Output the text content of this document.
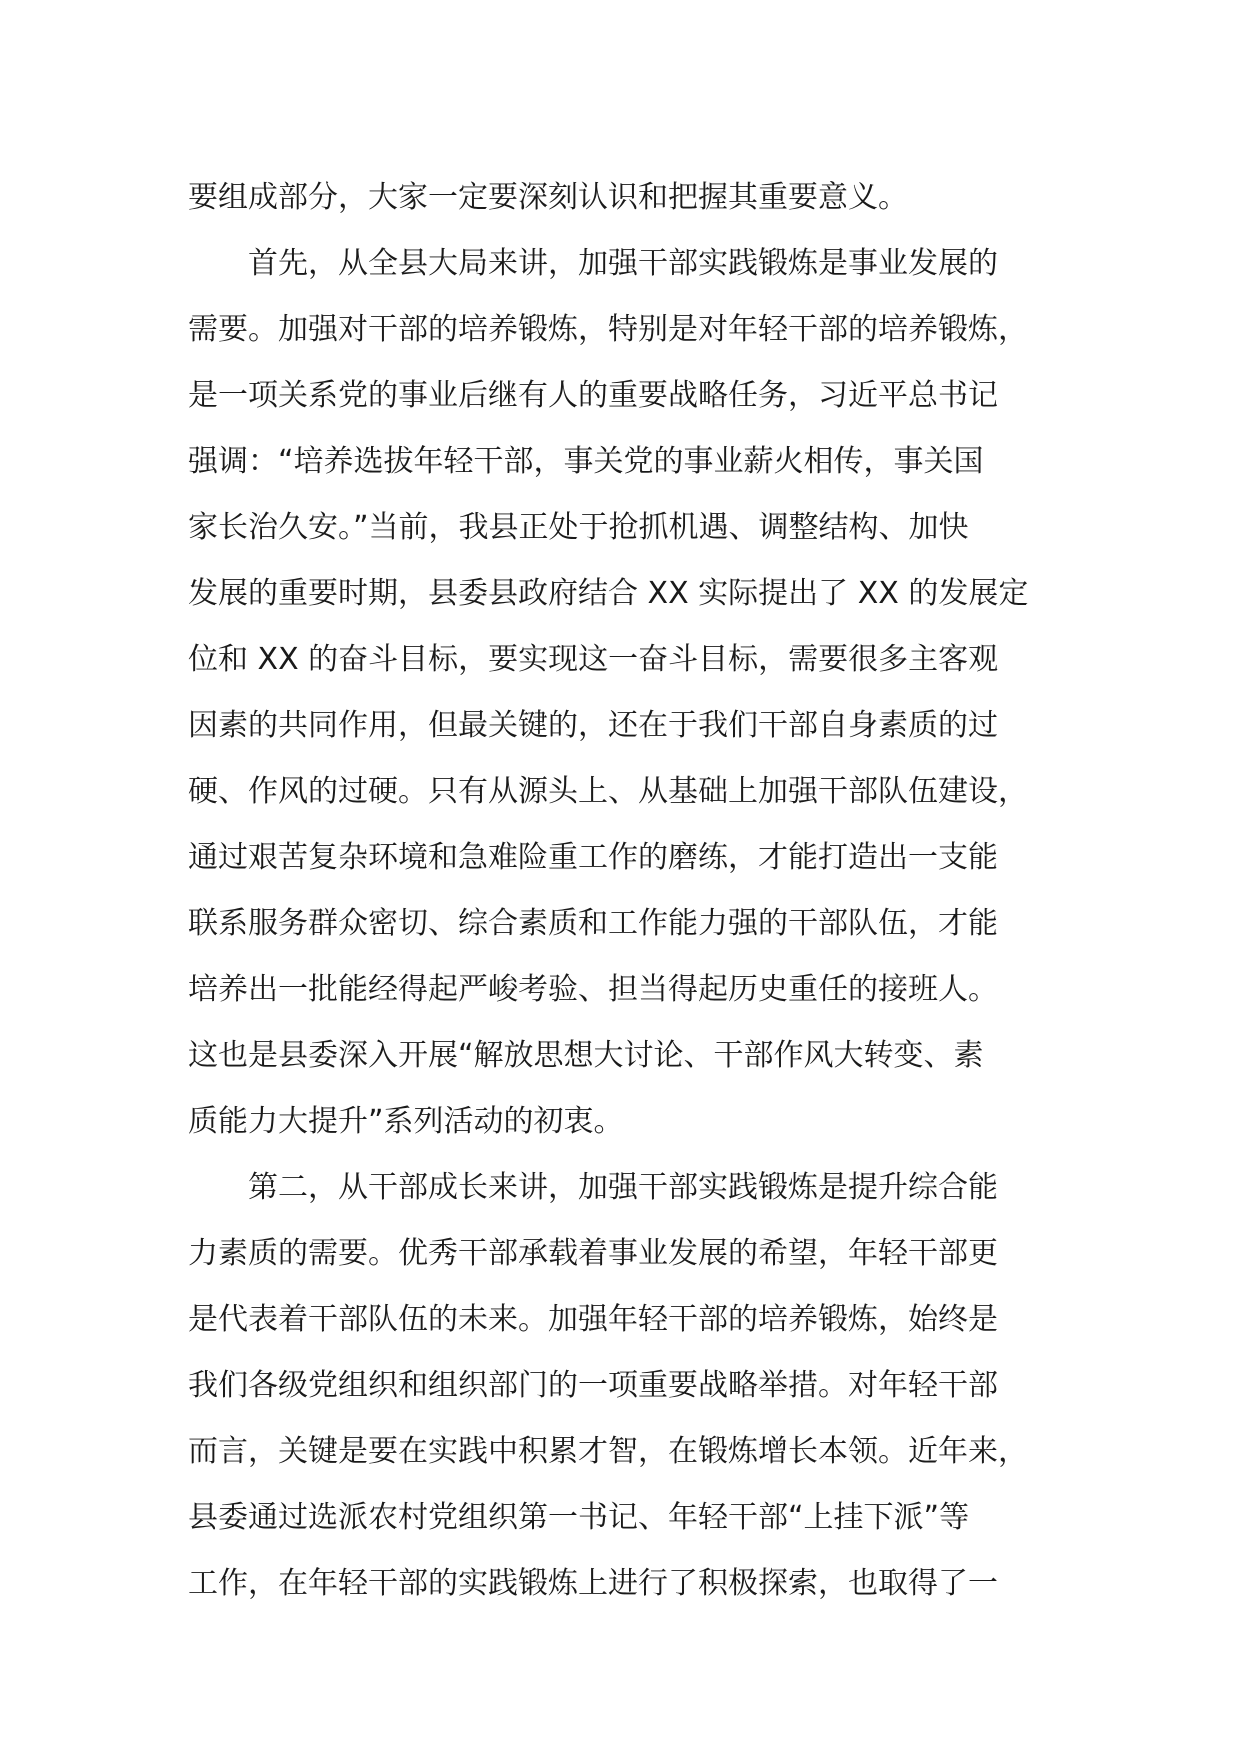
要组成部分，大家一定要深刻认识和把握其重要意义。
首先，从全县大局来讲，加强干部实践锻炼是事业发展的
需要。加强对干部的培养锻炼，特别是对年轻干部的培养锻炼，
是一项关系党的事业后继有人的重要战略任务，习近平总书记
强调：“培养选拔年轻干部，事关党的事业薪火相传，事关国
家长治久安。”当前，我县正处于抢抓机遇、调整结构、加快
发展的重要时期，县委县政府结合 XX 实际提出了 XX 的发展定
位和 XX 的奋斗目标，要实现这一奋斗目标，需要很多主客观
因素的共同作用，但最关键的，还在于我们干部自身素质的过
硬、作风的过硬。只有从源头上、从基础上加强干部队伍建设，
通过艰苦复杂环境和急难险重工作的磨练，才能打造出一支能
联系服务群众密切、综合素质和工作能力强的干部队伍，才能
培养出一批能经得起严峻考验、担当得起历史重任的接班人。
这也是县委深入开展“解放思想大讨论、干部作风大转变、素
质能力大提升”系列活动的初衷。
第二，从干部成长来讲，加强干部实践锻炼是提升综合能
力素质的需要。优秀干部承载着事业发展的希望，年轻干部更
是代表着干部队伍的未来。加强年轻干部的培养锻炼，始终是
我们各级党组织和组织部门的一项重要战略举措。对年轻干部
而言，关键是要在实践中积累才智，在锻炼增长本领。近年来，
县委通过选派农村党组织第一书记、年轻干部“上挂下派”等
工作，在年轻干部的实践锻炼上进行了积极探索，也取得了一
